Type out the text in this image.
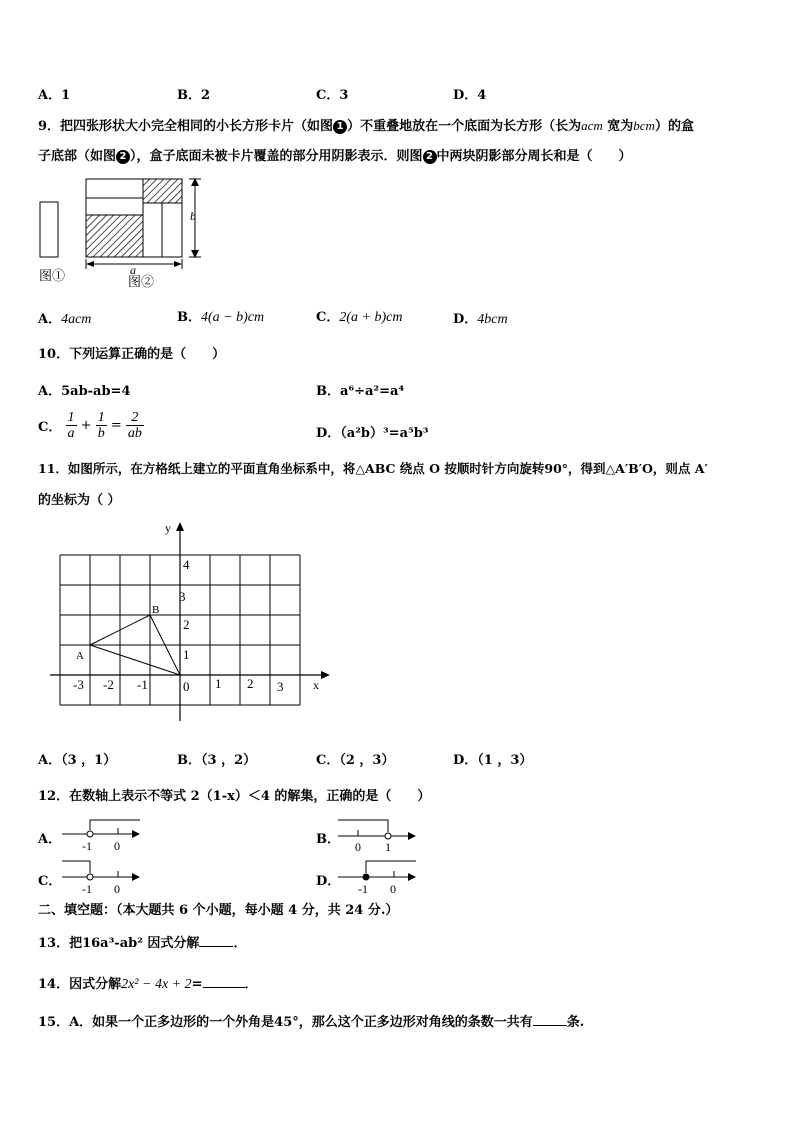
A．1	B．2	C．3	D．4
9．把四张形状大小完全相同的小长方形卡片（如图 1 ）不重叠地放在一个底面为长方形（长为acm 宽为bcm）的盒
子底部（如图 2 ），盒子底面未被卡片覆盖的部分用阴影表示．则图 2 中两块阴影部分周长和是（　　）
图①
b
a
图②
A．4acm	B．4(a − b)cm	C．2(a + b)cm	D．4bcm
10．下列运算正确的是（　　）
A．5ab-ab=4	B．a⁶÷a²=a⁴
C． $\frac{1}{a} + \frac{1}{b} = \frac{2}{ab}$	D．（a²b）³=a⁵b³
11．如图所示，在方格纸上建立的平面直角坐标系中，将△ABC 绕点 O 按顺时针方向旋转90°，得到△A′B′O，则点 A′
的坐标为（ ）
y
x
-3 -2 -1	1 2 3
0
1
2
3
4
A
B
A．（3 ，1）	B．（3 ，2）	C．（2 ，3）	D．（1 ，3）
12．在数轴上表示不等式 2（1-x）＜4 的解集，正确的是（　　）
A． -1 0	B． 0 1
C． -1 0	D． -1 0
二、填空题：（本大题共 6 个小题，每小题 4 分，共 24 分.）
13．把16a³-ab² 因式分解	．
14．因式分解2x² − 4x + 2=	．
15．A．如果一个正多边形的一个外角是45°，那么这个正多边形对角线的条数一共有	条.
